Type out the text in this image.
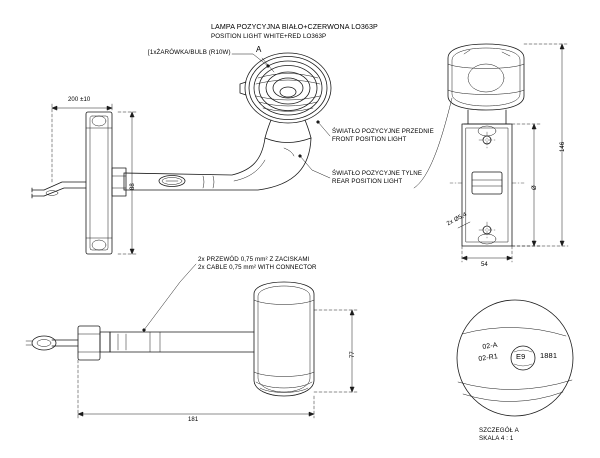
LAMPA POZYCYJNA BIAŁO+CZERWONA LO363P
POSITION LIGHT WHITE+RED LO363P
[1xŻARÓWKA/BULB (R10W)	A
ŚWIATŁO POZYCYJNE PRZEDNIE
FRONT POSITION LIGHT
ŚWIATŁO POZYCYJNE TYLNE
REAR POSITION LIGHT
2x PRZEWÓD 0,75 mm² Z ZACISKAMI
2x CABLE 0,75 mm² WITH CONNECTOR
200 ±10
88
146
Ø
54
2x Ø5,4
77
181
02-A
02-R1 E9 1881
SZCZEGÓŁ A
SKALA 4 : 1
